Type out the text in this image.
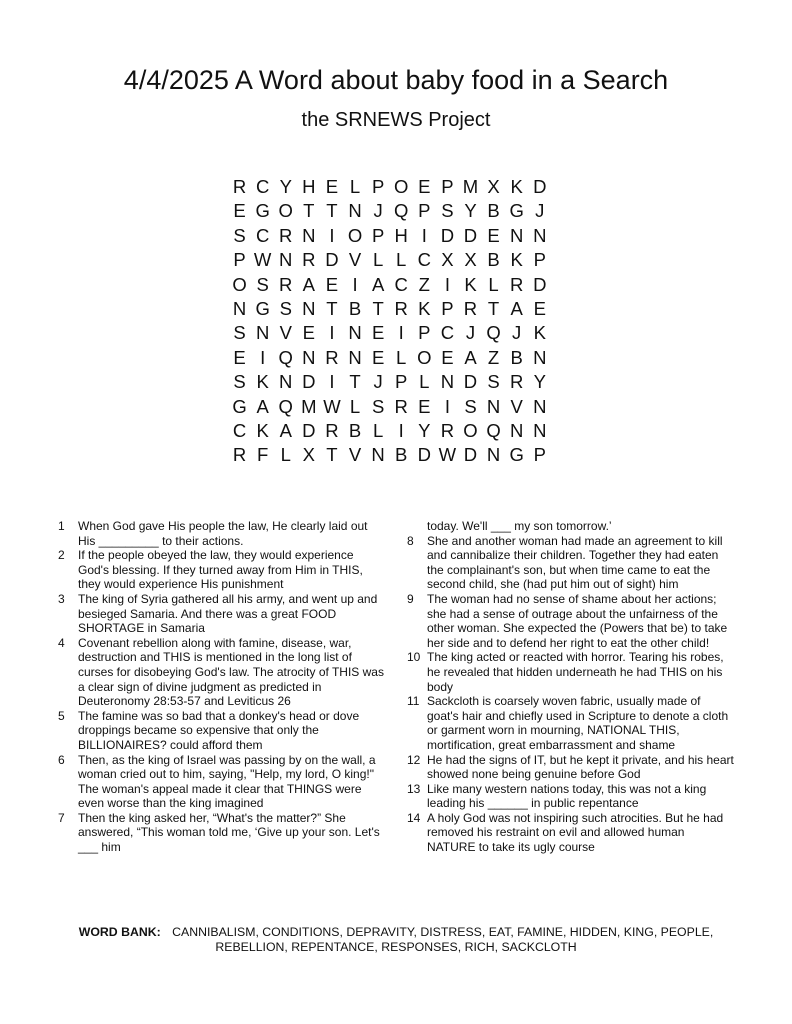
4/4/2025 A Word about baby food in a Search
the SRNEWS Project
R C Y H E L P O E P M X K D
E G O T T N J Q P S Y B G J
S C R N I O P H I D D E N N
P W N R D V L L C X X B K P
O S R A E I A C Z I K L R D
N G S N T B T R K P R T A E
S N V E I N E I P C J Q J K
E I Q N R N E L O E A Z B N
S K N D I T J P L N D S R Y
G A Q M W L S R E I S N V N
C K A D R B L I Y R O Q N N
R F L X T V N B D W D N G P
1	When God gave His people the law, He clearly laid out His _________ to their actions.
2	If the people obeyed the law, they would experience God's blessing. If they turned away from Him in THIS, they would experience His punishment
3	The king of Syria gathered all his army, and went up and besieged Samaria. And there was a great FOOD SHORTAGE in Samaria
4	Covenant rebellion along with famine, disease, war, destruction and THIS is mentioned in the long list of curses for disobeying God's law. The atrocity of THIS was a clear sign of divine judgment as predicted in Deuteronomy 28:53-57 and Leviticus 26
5	The famine was so bad that a donkey's head or dove droppings became so expensive that only the BILLIONAIRES? could afford them
6	Then, as the king of Israel was passing by on the wall, a woman cried out to him, saying, "Help, my lord, O king!" The woman's appeal made it clear that THINGS were even worse than the king imagined
7	Then the king asked her, “What's the matter?” She answered, “This woman told me, ‘Give up your son. Let's ___ him
today. We'll ___ my son tomorrow.’
8	She and another woman had made an agreement to kill and cannibalize their children. Together they had eaten the complainant's son, but when time came to eat the second child, she (had put him out of sight) him
9	The woman had no sense of shame about her actions; she had a sense of outrage about the unfairness of the other woman. She expected the (Powers that be) to take her side and to defend her right to eat the other child!
10 The king acted or reacted with horror. Tearing his robes, he revealed that hidden underneath he had THIS on his body
11 Sackcloth is coarsely woven fabric, usually made of goat's hair and chiefly used in Scripture to denote a cloth or garment worn in mourning, NATIONAL THIS, mortification, great embarrassment and shame
12 He had the signs of IT, but he kept it private, and his heart showed none being genuine before God
13 Like many western nations today, this was not a king leading his ______ in public repentance
14 A holy God was not inspiring such atrocities. But he had removed his restraint on evil and allowed human NATURE to take its ugly course
WORD BANK: CANNIBALISM, CONDITIONS, DEPRAVITY, DISTRESS, EAT, FAMINE, HIDDEN, KING, PEOPLE,
REBELLION, REPENTANCE, RESPONSES, RICH, SACKCLOTH
